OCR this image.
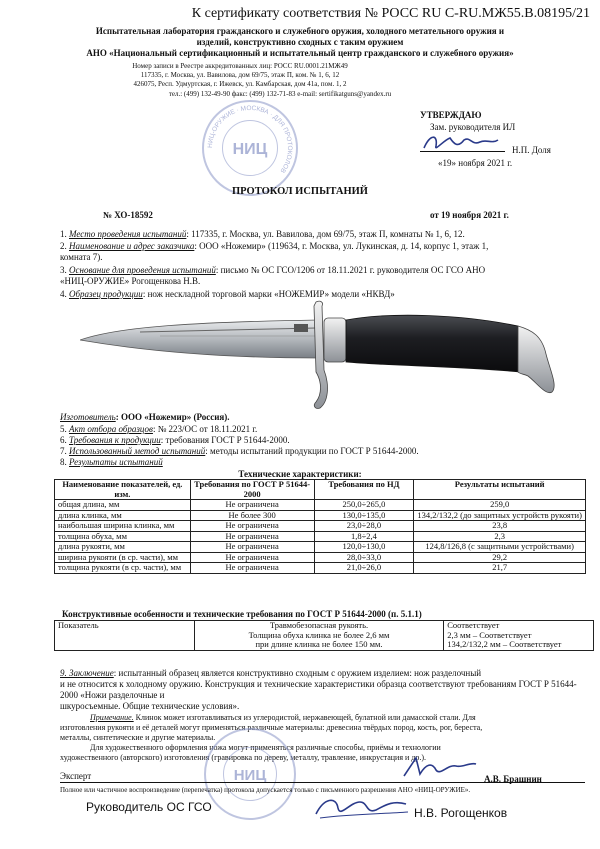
К сертификату соответствия № РОСС RU C-RU.МЖ55.В.08195/21
Испытательная лаборатория гражданского и служебного оружия, холодного метательного оружия и
изделий, конструктивно сходных с таким оружием
АНО «Национальный сертификационный и испытательный центр гражданского и служебного оружия»
Номер записи в Реестре аккредитованных лиц: РОСС RU.0001.21МЖ49
117335, г. Москва, ул. Вавилова, дом 69/75, этаж П, ком. № 1, 6, 12
426075, Респ. Удмуртская, г. Ижевск, ул. Камбарская, дом 41а, пом. 1, 2
тел.: (499) 132-49-90 факс: (499) 132-71-83 e-mail: sertifikatguns@yandex.ru
НИЦ-ОРУЖИЕ · МОСКВА · ДЛЯ ПРОТОКОЛОВ
НИЦ
УТВЕРЖДАЮ
Зам. руководителя ИЛ
Н.П. Доля
«19» ноября 2021 г.
ПРОТОКОЛ ИСПЫТАНИЙ
№ ХО-18592	от 19 ноября 2021 г.
1. Место проведения испытаний: 117335, г. Москва, ул. Вавилова, дом 69/75, этаж П, комнаты № 1, 6, 12.
2. Наименование и адрес заказчика: ООО «Ножемир» (119634, г. Москва, ул. Лукинская, д. 14, корпус 1, этаж 1,
комната 7).
3. Основание для проведения испытаний: письмо № ОС ГСО/1206 от 18.11.2021 г. руководителя ОС ГСО АНО
«НИЦ-ОРУЖИЕ» Рогощенкова Н.В.
4. Образец продукции: нож нескладной торговой марки «НОЖЕМИР» модели «НКВД»
Изготовитель: ООО «Ножемир» (Россия).
5. Акт отбора образцов: № 223/ОС от 18.11.2021 г.
6. Требования к продукции: требования ГОСТ Р 51644-2000.
7. Использованный метод испытаний: методы испытаний продукции по ГОСТ Р 51644-2000.
8. Результаты испытаний
Технические характеристики:
Наименование показателей, ед. изм.	Требования по ГОСТ Р 51644-2000	Требования по НД	Результаты испытаний
общая длина, мм	Не ограничена	250,0÷265,0	259,0
длина клинка, мм	Не более 300	130,0÷135,0	134,2/132,2 (до защитных устройств рукояти)
наибольшая ширина клинка, мм	Не ограничена	23,0÷28,0	23,8
толщина обуха, мм	Не ограничена	1,8÷2,4	2,3
длина рукояти, мм	Не ограничена	120,0÷130,0	124,8/126,8 (с защитными устройствами)
ширина рукояти (в ср. части), мм	Не ограничена	28,0÷33,0	29,2
толщина рукояти (в ср. части), мм	Не ограничена	21,0÷26,0	21,7
Конструктивные особенности и технические требования по ГОСТ Р 51644-2000 (п. 5.1.1)
Показатель	Травмобезопасная рукоять.
Толщина обуха клинка не более 2,6 мм
при длине клинка не более 150 мм.

Соответствует
2,3 мм – Соответствует
134,2/132,2 мм – Соответствует
9. Заключение: испытанный образец является конструктивно сходным с оружием изделием: нож разделочный
и не относится к холодному оружию. Конструкция и технические характеристики образца соответствуют требованиям ГОСТ Р 51644-2000 «Ножи разделочные и
шкуросъемные. Общие технические условия».
Примечание. Клинок может изготавливаться из углеродистой, нержавеющей, булатной или дамасской стали. Для
изготовления рукояти и её деталей могут применяться различные материалы: древесина твёрдых пород, кость, рог, береста,
металлы, синтетические и другие материалы.
Для художественного оформления ножа могут применяться различные способы, приёмы и технологии
художественного (авторского) изготовления (гравировка по дереву, металлу, травление, инкрустация и др.).
НИЦ
Эксперт	А.В. Брашнин
Полное или частичное воспроизведение (перепечатка) протокола допускается только с письменного разрешения АНО «НИЦ-ОРУЖИЕ».
Руководитель ОС ГСО	Н.В. Рогощенков
